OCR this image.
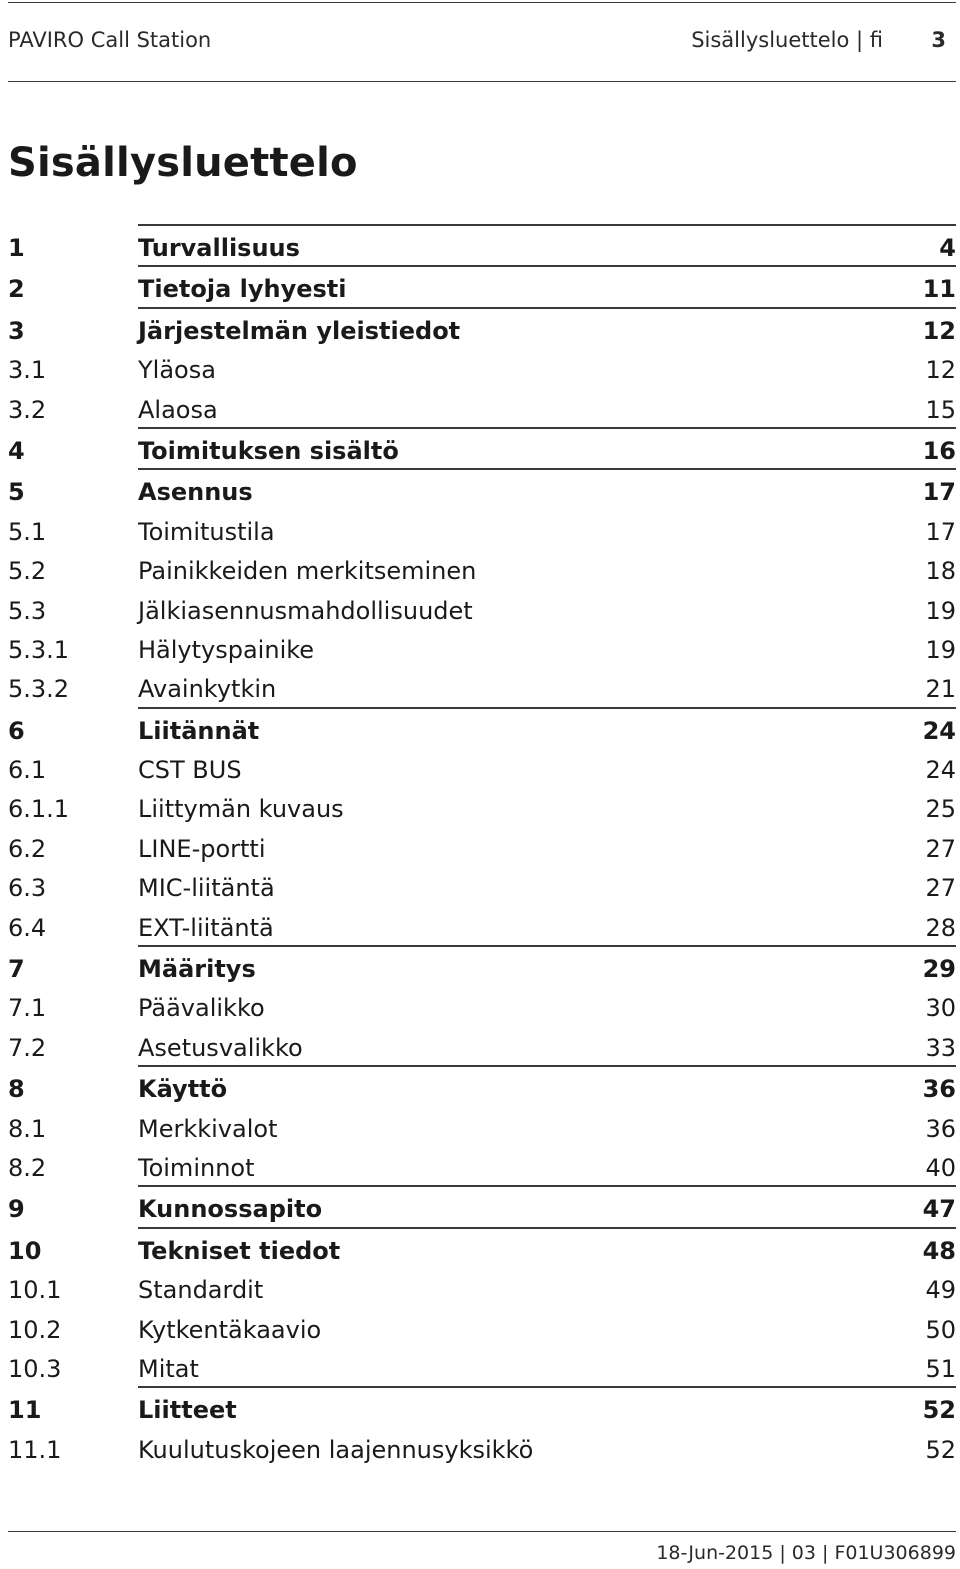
PAVIRO Call Station	Sisällysluettelo | fi 3
Sisällysluettelo
1	Turvallisuus	4
2	Tietoja lyhyesti	11
3	Järjestelmän yleistiedot	12
3.1	Yläosa	12
3.2	Alaosa	15
4	Toimituksen sisältö	16
5	Asennus	17
5.1	Toimitustila	17
5.2	Painikkeiden merkitseminen	18
5.3	Jälkiasennusmahdollisuudet	19
5.3.1	Hälytyspainike	19
5.3.2	Avainkytkin	21
6	Liitännät	24
6.1	CST BUS	24
6.1.1	Liittymän kuvaus	25
6.2	LINE-portti	27
6.3	MIC-liitäntä	27
6.4	EXT-liitäntä	28
7	Määritys	29
7.1	Päävalikko	30
7.2	Asetusvalikko	33
8	Käyttö	36
8.1	Merkkivalot	36
8.2	Toiminnot	40
9	Kunnossapito	47
10	Tekniset tiedot	48
10.1	Standardit	49
10.2	Kytkentäkaavio	50
10.3	Mitat	51
11	Liitteet	52
11.1	Kuulutuskojeen laajennusyksikkö	52
18-Jun-2015 | 03 | F01U306899
